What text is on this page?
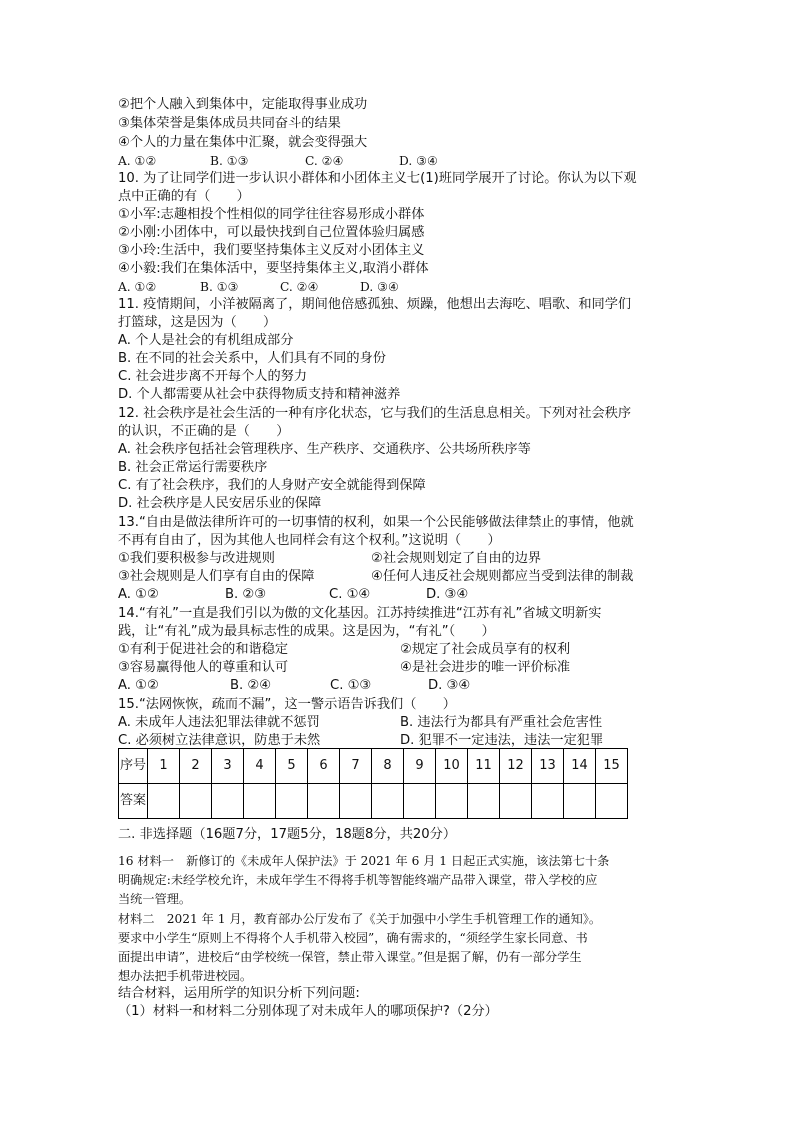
②把个人融入到集体中，定能取得事业成功
③集体荣誉是集体成员共同奋斗的结果
④个人的力量在集体中汇聚，就会变得强大
A. ①②	B. ①③	C. ②④	D. ③④
10. 为了让同学们进一步认识小群体和小团体主义七(1)班同学展开了讨论。你认为以下观
点中正确的有（　　）
①小军:志趣相投个性相似的同学往往容易形成小群体
②小刚:小团体中，可以最快找到自己位置体验归属感
③小玲:生活中，我们要坚持集体主义反对小团体主义
④小毅:我们在集体活中，要坚持集体主义,取消小群体
A. ①②	B. ①③	C. ②④	D. ③④
11. 疫情期间，小洋被隔离了，期间他倍感孤独、烦躁，他想出去海吃、唱歌、和同学们
打篮球，这是因为（　　）
A. 个人是社会的有机组成部分
B. 在不同的社会关系中，人们具有不同的身份
C. 社会进步离不开每个人的努力
D. 个人都需要从社会中获得物质支持和精神滋养
12. 社会秩序是社会生活的一种有序化状态，它与我们的生活息息相关。下列对社会秩序
的认识，不正确的是（　　）
A. 社会秩序包括社会管理秩序、生产秩序、交通秩序、公共场所秩序等
B. 社会正常运行需要秩序
C. 有了社会秩序，我们的人身财产安全就能得到保障
D. 社会秩序是人民安居乐业的保障
13.“自由是做法律所许可的一切事情的权利，如果一个公民能够做法律禁止的事情，他就
不再有自由了，因为其他人也同样会有这个权利。”这说明（　　）
①我们要积极参与改进规则	②社会规则划定了自由的边界
③社会规则是人们享有自由的保障	④任何人违反社会规则都应当受到法律的制裁
A. ①②	B. ②③	C. ①④	D. ③④
14.“有礼”一直是我们引以为傲的文化基因。江苏持续推进“江苏有礼”省城文明新实
践，让“有礼”成为最具标志性的成果。这是因为，“有礼”（　　）
①有利于促进社会的和谐稳定	②规定了社会成员享有的权利
③容易赢得他人的尊重和认可	④是社会进步的唯一评价标准
A. ①②	B. ②④	C. ①③	D. ③④
15.“法网恢恢，疏而不漏”，这一警示语告诉我们（　　）
A. 未成年人违法犯罪法律就不惩罚	B. 违法行为都具有严重社会危害性
C. 必须树立法律意识，防患于未然	D. 犯罪不一定违法，违法一定犯罪
序号	1	2	3	4	5	6	7	8	9	10	11	12	13	14	15
答案															
二. 非选择题（16题7分，17题5分，18题8分，共20分）
16 材料一　新修订的《未成年人保护法》于 2021 年 6 月 1 日起正式实施，该法第七十条
明确规定:未经学校允许，未成年学生不得将手机等智能终端产品带入课堂，带入学校的应
当统一管理。
材料二　2021 年 1 月，教育部办公厅发布了《关于加强中小学生手机管理工作的通知》。
要求中小学生“原则上不得将个人手机带入校园”，确有需求的，“须经学生家长同意、书
面提出申请”，进校后“由学校统一保管，禁止带入课堂。”但是据了解，仍有一部分学生
想办法把手机带进校园。
结合材料，运用所学的知识分析下列问题:
（1）材料一和材料二分别体现了对未成年人的哪项保护?（2分）
